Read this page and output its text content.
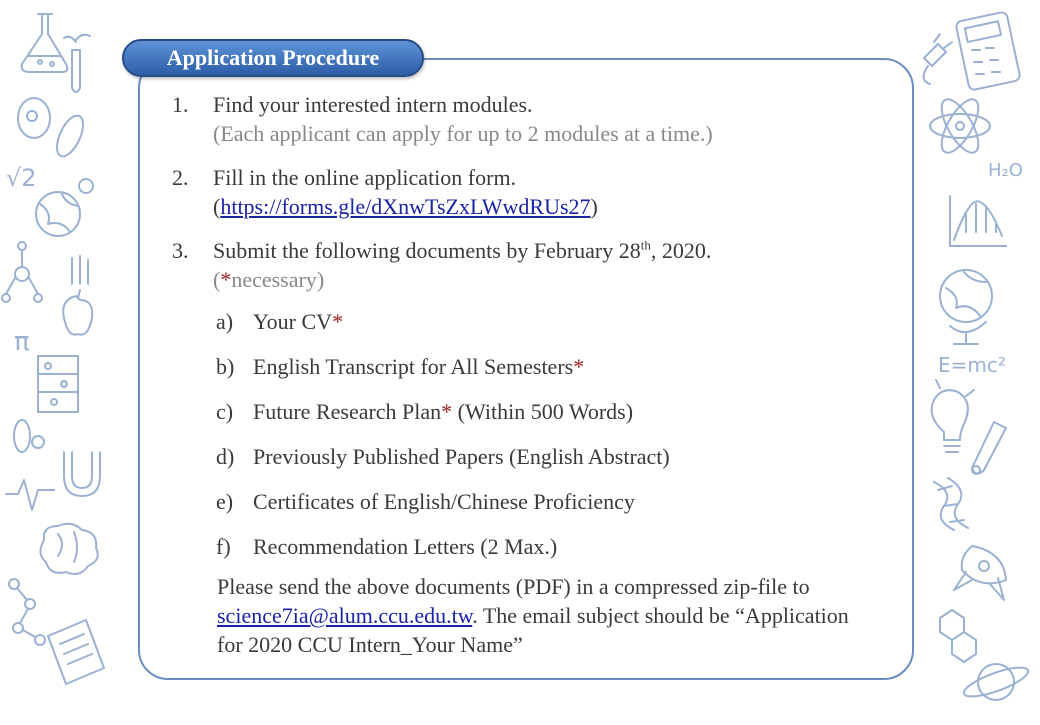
√2
π
H₂O
E=mc²
Application Procedure
1.	Find your interested intern modules.
(Each applicant can apply for up to 2 modules at a time.)
2.	Fill in the online application form.
(https://forms.gle/dXnwTsZxLWwdRUs27)
3.	Submit the following documents by February 28th, 2020.
(*necessary)
a) Your CV*
b) English Transcript for All Semesters*
c) Future Research Plan* (Within 500 Words)
d) Previously Published Papers (English Abstract)
e) Certificates of English/Chinese Proficiency
f)	Recommendation Letters (2 Max.)
Please send the above documents (PDF) in a compressed zip-file to science7ia@alum.ccu.edu.tw. The email subject should be “Application for 2020 CCU Intern_Your Name”
